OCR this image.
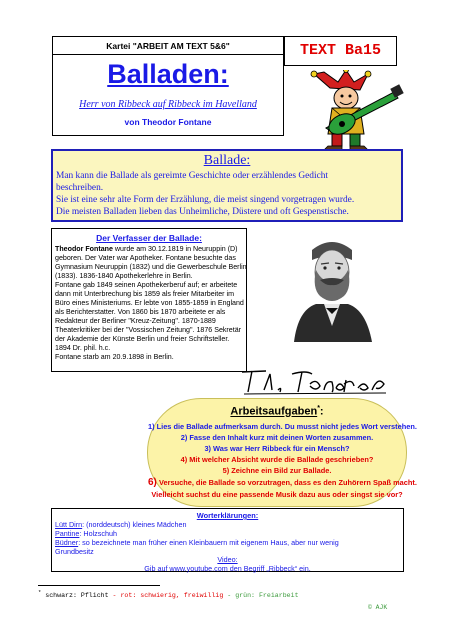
Kartei "ARBEIT AM TEXT 5&6"
Balladen:
Herr von Ribbeck auf Ribbeck im Havelland
von Theodor Fontane
TEXT Ba15
Ballade:
Man kann die Ballade als gereimte Geschichte oder erzählendes Gedicht
beschreiben.
Sie ist eine sehr alte Form der Erzählung, die meist singend vorgetragen wurde.
Die meisten Balladen lieben das Unheimliche, Düstere und oft Gespenstische.
Der Verfasser der Ballade:
Theodor Fontane wurde am 30.12.1819 in Neuruppin (D)
geboren. Der Vater war Apotheker. Fontane besuchte das
Gymnasium Neuruppin (1832) und die Gewerbeschule Berlin
(1833). 1836-1840 Apothekerlehre in Berlin.
Fontane gab 1849 seinen Apothekerberuf auf; er arbeitete
dann mit Unterbrechung bis 1859 als freier Mitarbeiter im
Büro eines Ministeriums. Er lebte von 1855-1859 in England
als Berichterstatter. Von 1860 bis 1870 arbeitete er als
Redakteur der Berliner "Kreuz-Zeitung". 1870-1889
Theaterkritiker bei der "Vossischen Zeitung". 1876 Sekretär
der Akademie der Künste Berlin und freier Schriftsteller.
1894 Dr. phil. h.c.
Fontane starb am 20.9.1898 in Berlin.
Arbeitsaufgaben*:
1) Lies die Ballade aufmerksam durch. Du musst nicht jedes Wort verstehen.
2) Fasse den Inhalt kurz mit deinen Worten zusammen.
3) Was war Herr Ribbeck für ein Mensch?
4) Mit welcher Absicht wurde die Ballade geschrieben?
5) Zeichne ein Bild zur Ballade.
6) Versuche, die Ballade so vorzutragen, dass es den Zuhörern Spaß macht.
Vielleicht suchst du eine passende Musik dazu aus oder singst sie vor?
Worterklärungen:
Lütt Dirn: (norddeutsch) kleines Mädchen
Pantine: Holzschuh
Büdner: so bezeichnete man früher einen Kleinbauern mit eigenem Haus, aber nur wenig
Grundbesitz
Video:
Gib auf www.youtube.com den Begriff „Ribbeck“ ein.
* schwarz: Pflicht - rot: schwierig, freiwillig - grün: Freiarbeit
© AJK
